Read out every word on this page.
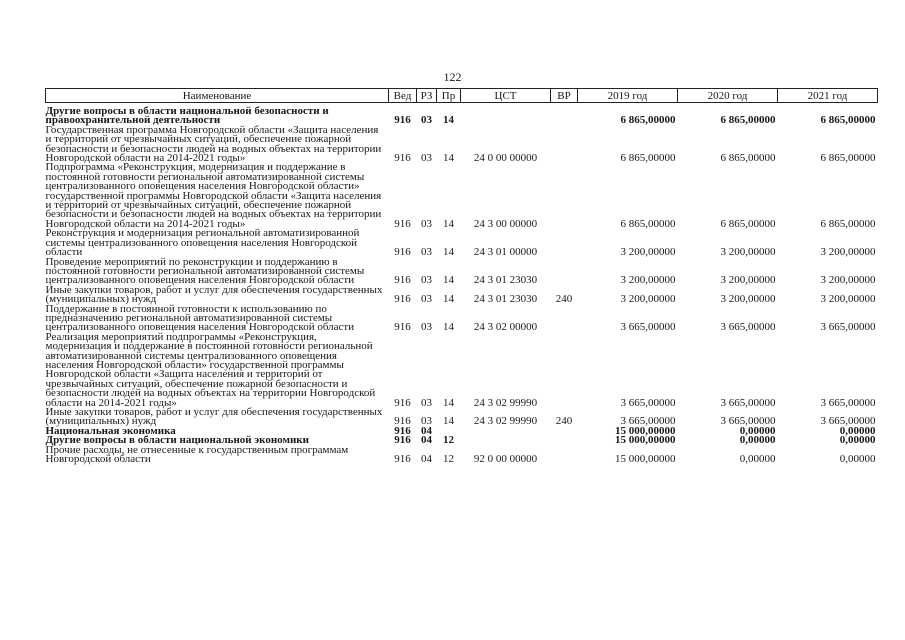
122
Наименование	Вед	РЗ	Пр	ЦСТ	ВР	2019 год	2020 год	2021 год
Другие вопросы в области национальной безопасности и правоохранительной деятельности	916	03	14			6 865,00000	6 865,00000	6 865,00000
Государственная программа Новгородской области «Защита населения и территорий от чрезвычайных ситуаций, обеспечение пожарной безопасности и безопасности людей на водных объектах на территории Новгородской области на 2014-2021 годы»	916	03	14	24 0 00 00000		6 865,00000	6 865,00000	6 865,00000
Подпрограмма «Реконструкция, модернизация и поддержание в постоянной готовности региональной автоматизированной системы централизованного оповещения населения Новгородской области» государственной программы Новгородской области «Защита населения и территорий от чрезвычайных ситуаций, обеспечение пожарной безопасности и безопасности людей на водных объектах на территории Новгородской области на 2014-2021 годы»	916	03	14	24 3 00 00000		6 865,00000	6 865,00000	6 865,00000
Реконструкция и модернизация региональной автоматизированной системы централизованного оповещения населения Новгородской области	916	03	14	24 3 01 00000		3 200,00000	3 200,00000	3 200,00000
Проведение мероприятий по реконструкции и поддержанию в постоянной готовности региональной автоматизированной системы централизованного оповещения населения Новгородской области	916	03	14	24 3 01 23030		3 200,00000	3 200,00000	3 200,00000
Иные закупки товаров, работ и услуг для обеспечения государственных (муниципальных) нужд	916	03	14	24 3 01 23030	240	3 200,00000	3 200,00000	3 200,00000
Поддержание в постоянной готовности к использованию по предназначению региональной автоматизированной системы централизованного оповещения населения Новгородской области	916	03	14	24 3 02 00000		3 665,00000	3 665,00000	3 665,00000
Реализация мероприятий подпрограммы «Реконструкция, модернизация и поддержание в постоянной готовности региональной автоматизированной системы централизованного оповещения населения Новгородской области» государственной программы Новгородской области «Защита населения и территорий от чрезвычайных ситуаций, обеспечение пожарной безопасности и безопасности людей на водных объектах на территории Новгородской области на 2014-2021 годы»	916	03	14	24 3 02 99990		3 665,00000	3 665,00000	3 665,00000
Иные закупки товаров, работ и услуг для обеспечения государственных (муниципальных) нужд	916	03	14	24 3 02 99990	240	3 665,00000	3 665,00000	3 665,00000
Национальная экономика	916	04				15 000,00000	0,00000	0,00000
Другие вопросы в области национальной экономики	916	04	12			15 000,00000	0,00000	0,00000
Прочие расходы, не отнесенные к государственным программам Новгородской области	916	04	12	92 0 00 00000		15 000,00000	0,00000	0,00000
